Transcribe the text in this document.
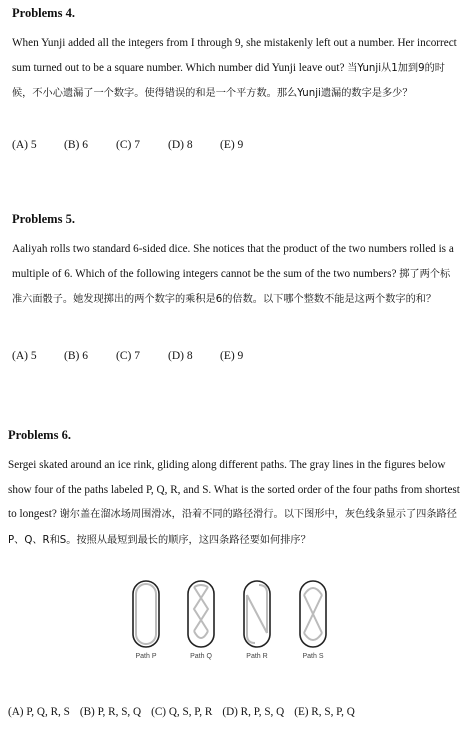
Problems 4.

When Yunji added all the integers from I through 9, she mistakenly left out a number. Her incorrect sum turned out to be a square number. Which number did Yunji leave out? 当Yunji从1加到9的时候，不小心遗漏了一个数字。使得错误的和是一个平方数。那么Yunji遗漏的数字是多少？

(A) 5 (B) 6 (C) 7 (D) 8 (E) 9

Problems 5.

Aaliyah rolls two standard 6-sided dice. She notices that the product of the two numbers rolled is a multiple of 6. Which of the following integers cannot be the sum of the two numbers? 掷了两个标准六面骰子。她发现掷出的两个数字的乘积是6的倍数。以下哪个整数不能是这两个数字的和？

(A) 5 (B) 6 (C) 7 (D) 8 (E) 9

Problems 6.

Sergei skated around an ice rink, gliding along different paths. The gray lines in the figures below show four of the paths labeled P, Q, R, and S. What is the sorted order of the four paths from shortest to longest? 谢尔盖在溜冰场周围滑冰，沿着不同的路径滑行。以下图形中，灰色线条显示了四条路径P、Q、R和S。按照从最短到最长的顺序，这四条路径要如何排序？

Path P	Path Q	Path R	Path S
(A) P, Q, R, S (B) P, R, S, Q (C) Q, S, P, R (D) R, P, S, Q (E) R, S, P, Q
